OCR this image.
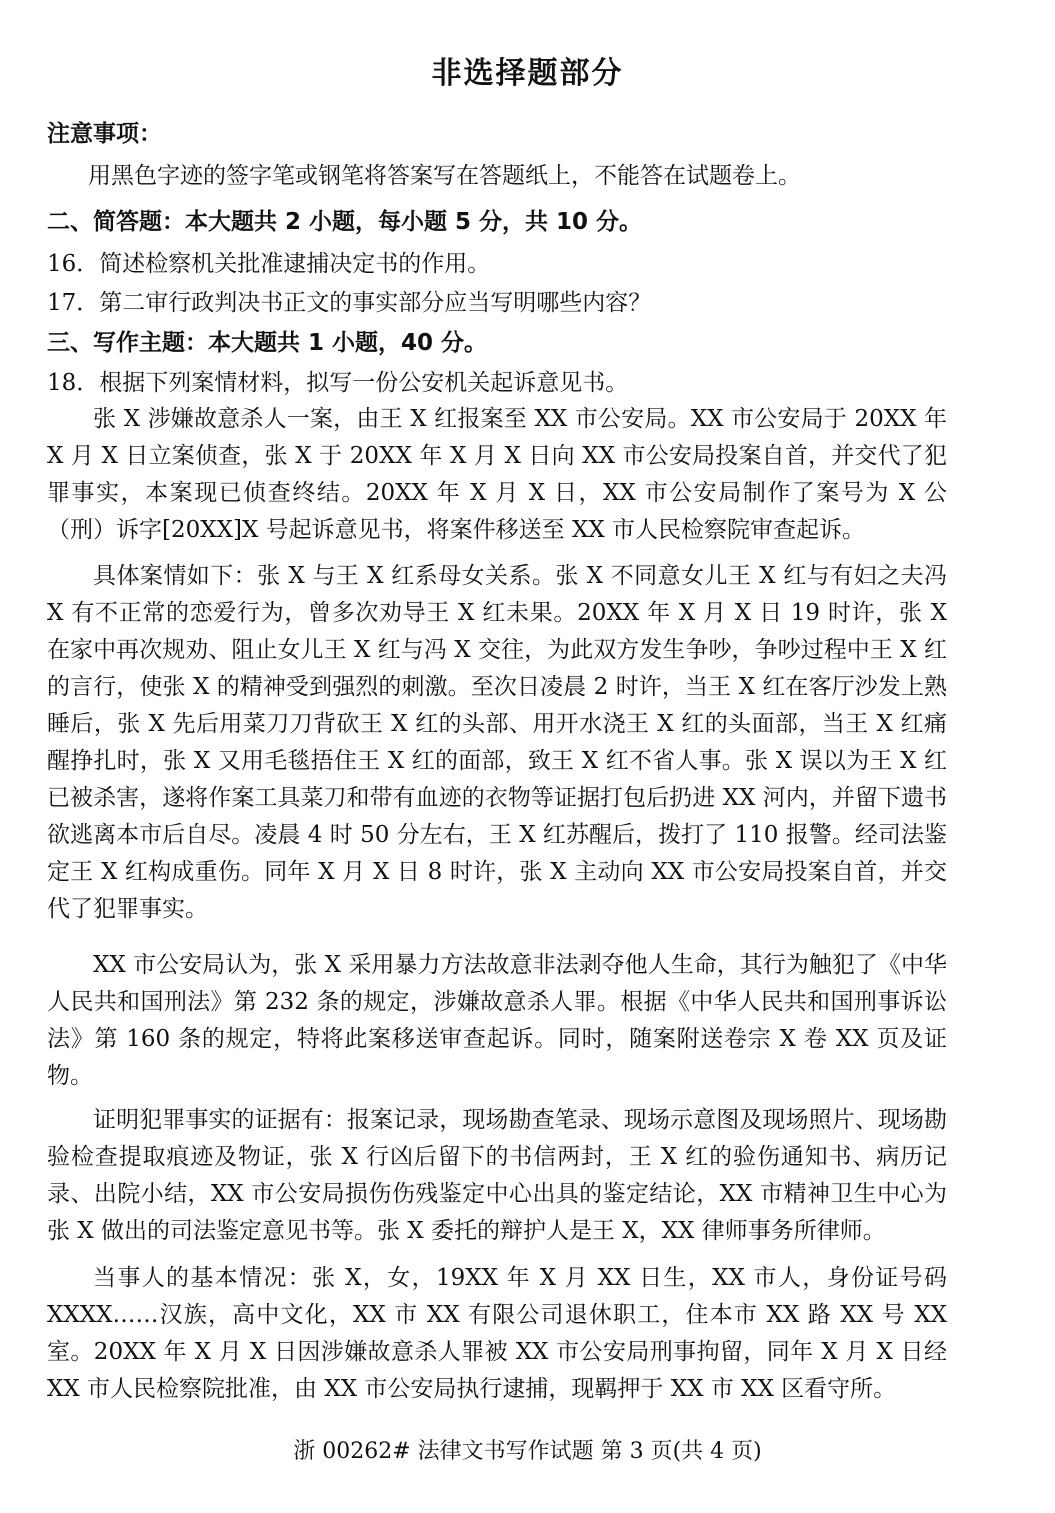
非选择题部分
注意事项：
用黑色字迹的签字笔或钢笔将答案写在答题纸上，不能答在试题卷上。
二、简答题：本大题共 2 小题，每小题 5 分，共 10 分。
16．简述检察机关批准逮捕决定书的作用。
17．第二审行政判决书正文的事实部分应当写明哪些内容？
三、写作主题：本大题共 1 小题，40 分。
18．根据下列案情材料，拟写一份公安机关起诉意见书。

张 X 涉嫌故意杀人一案，由王 X 红报案至 XX 市公安局。XX 市公安局于 20XX 年 X 月 X 日立案侦查，张 X 于 20XX 年 X 月 X 日向 XX 市公安局投案自首，并交代了犯罪事实，本案现已侦查终结。20XX 年 X 月 X 日，XX 市公安局制作了案号为 X 公（刑）诉字[20XX]X 号起诉意见书，将案件移送至 XX 市人民检察院审查起诉。

具体案情如下：张 X 与王 X 红系母女关系。张 X 不同意女儿王 X 红与有妇之夫冯 X 有不正常的恋爱行为，曾多次劝导王 X 红未果。20XX 年 X 月 X 日 19 时许，张 X 在家中再次规劝、阻止女儿王 X 红与冯 X 交往，为此双方发生争吵，争吵过程中王 X 红的言行，使张 X 的精神受到强烈的刺激。至次日凌晨 2 时许，当王 X 红在客厅沙发上熟睡后，张 X 先后用菜刀刀背砍王 X 红的头部、用开水浇王 X 红的头面部，当王 X 红痛醒挣扎时，张 X 又用毛毯捂住王 X 红的面部，致王 X 红不省人事。张 X 误以为王 X 红已被杀害，遂将作案工具菜刀和带有血迹的衣物等证据打包后扔进 XX 河内，并留下遗书欲逃离本市后自尽。凌晨 4 时 50 分左右，王 X 红苏醒后，拨打了 110 报警。经司法鉴定王 X 红构成重伤。同年 X 月 X 日 8 时许，张 X 主动向 XX 市公安局投案自首，并交代了犯罪事实。

XX 市公安局认为，张 X 采用暴力方法故意非法剥夺他人生命，其行为触犯了《中华人民共和国刑法》第 232 条的规定，涉嫌故意杀人罪。根据《中华人民共和国刑事诉讼法》第 160 条的规定，特将此案移送审查起诉。同时，随案附送卷宗 X 卷 XX 页及证物。

证明犯罪事实的证据有：报案记录，现场勘查笔录、现场示意图及现场照片、现场勘验检查提取痕迹及物证，张 X 行凶后留下的书信两封，王 X 红的验伤通知书、病历记录、出院小结，XX 市公安局损伤伤残鉴定中心出具的鉴定结论，XX 市精神卫生中心为张 X 做出的司法鉴定意见书等。张 X 委托的辩护人是王 X，XX 律师事务所律师。

当事人的基本情况：张 X，女，19XX 年 X 月 XX 日生，XX 市人，身份证号码 XXXX……汉族，高中文化，XX 市 XX 有限公司退休职工，住本市 XX 路 XX 号 XX 室。20XX 年 X 月 X 日因涉嫌故意杀人罪被 XX 市公安局刑事拘留，同年 X 月 X 日经 XX 市人民检察院批准，由 XX 市公安局执行逮捕，现羁押于 XX 市 XX 区看守所。

浙 00262# 法律文书写作试题 第 3 页(共 4 页)
